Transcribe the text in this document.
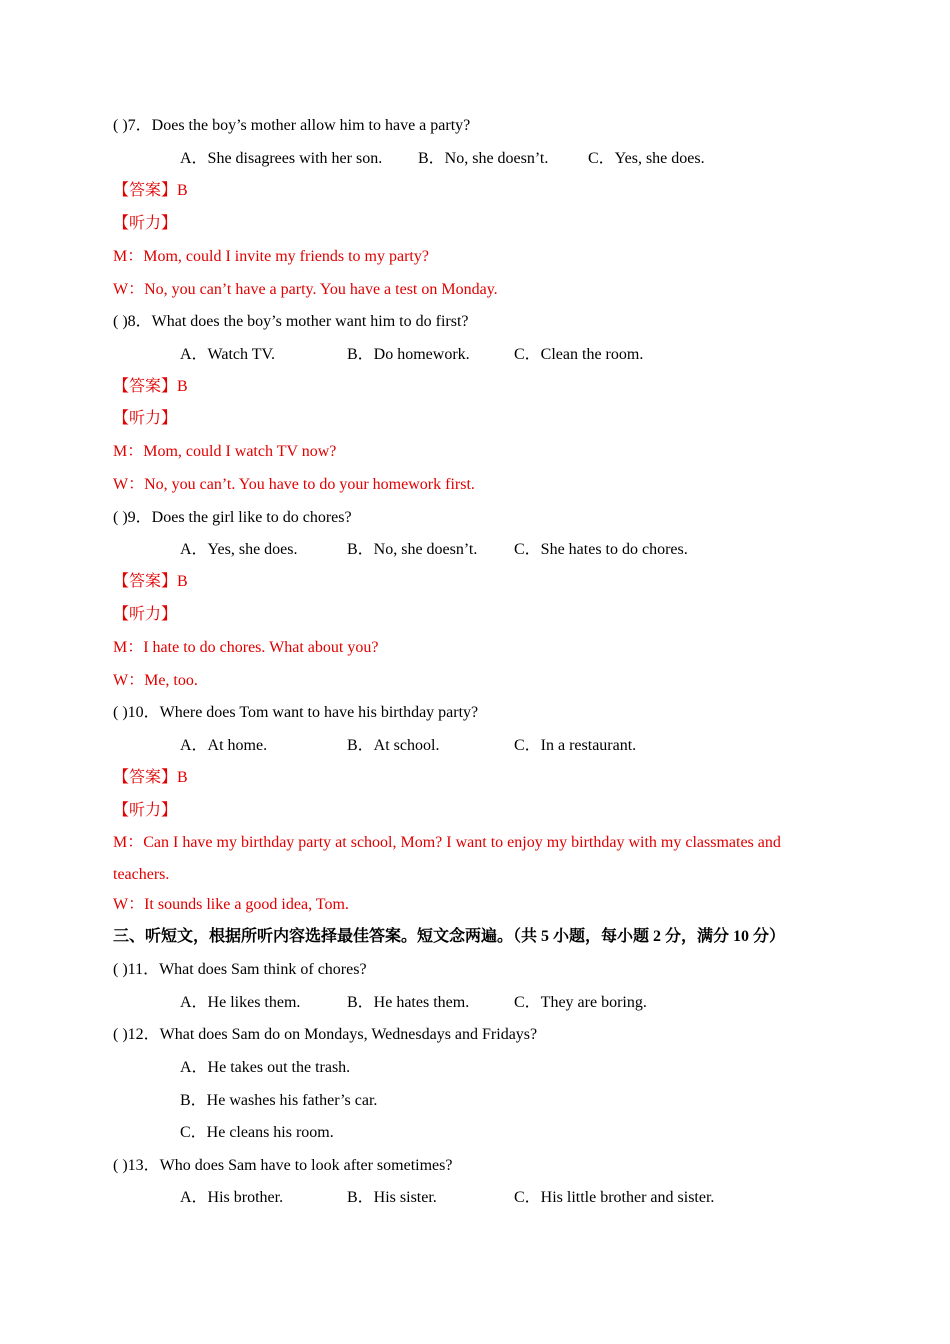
( )7．Does the boy’s mother allow him to have a party?
A．She disagrees with her son. B．No, she doesn’t. C．Yes, she does.
【答案】B
【听力】
M：Mom, could I invite my friends to my party?
W：No, you can’t have a party. You have a test on Monday.
( )8．What does the boy’s mother want him to do first?
A．Watch TV.	B．Do homework.	C．Clean the room.
【答案】B
【听力】
M：Mom, could I watch TV now?
W：No, you can’t. You have to do your homework first.
( )9．Does the girl like to do chores?
A．Yes, she does.	B．No, she doesn’t. C．She hates to do chores.
【答案】B
【听力】
M：I hate to do chores. What about you?
W：Me, too.
( )10．Where does Tom want to have his birthday party?
A．At home.	B．At school.	C．In a restaurant.
【答案】B
【听力】
M：Can I have my birthday party at school, Mom? I want to enjoy my birthday with my classmates and
teachers.
W：It sounds like a good idea, Tom.
三、听短文，根据所听内容选择最佳答案。短文念两遍。（共 5 小题，每小题 2 分，满分 10 分）
( )11．What does Sam think of chores?
A．He likes them.	B．He hates them.	C．They are boring.
( )12．What does Sam do on Mondays, Wednesdays and Fridays?
A．He takes out the trash.
B．He washes his father’s car.
C．He cleans his room.
( )13．Who does Sam have to look after sometimes?
A．His brother.	B．His sister.	C．His little brother and sister.
